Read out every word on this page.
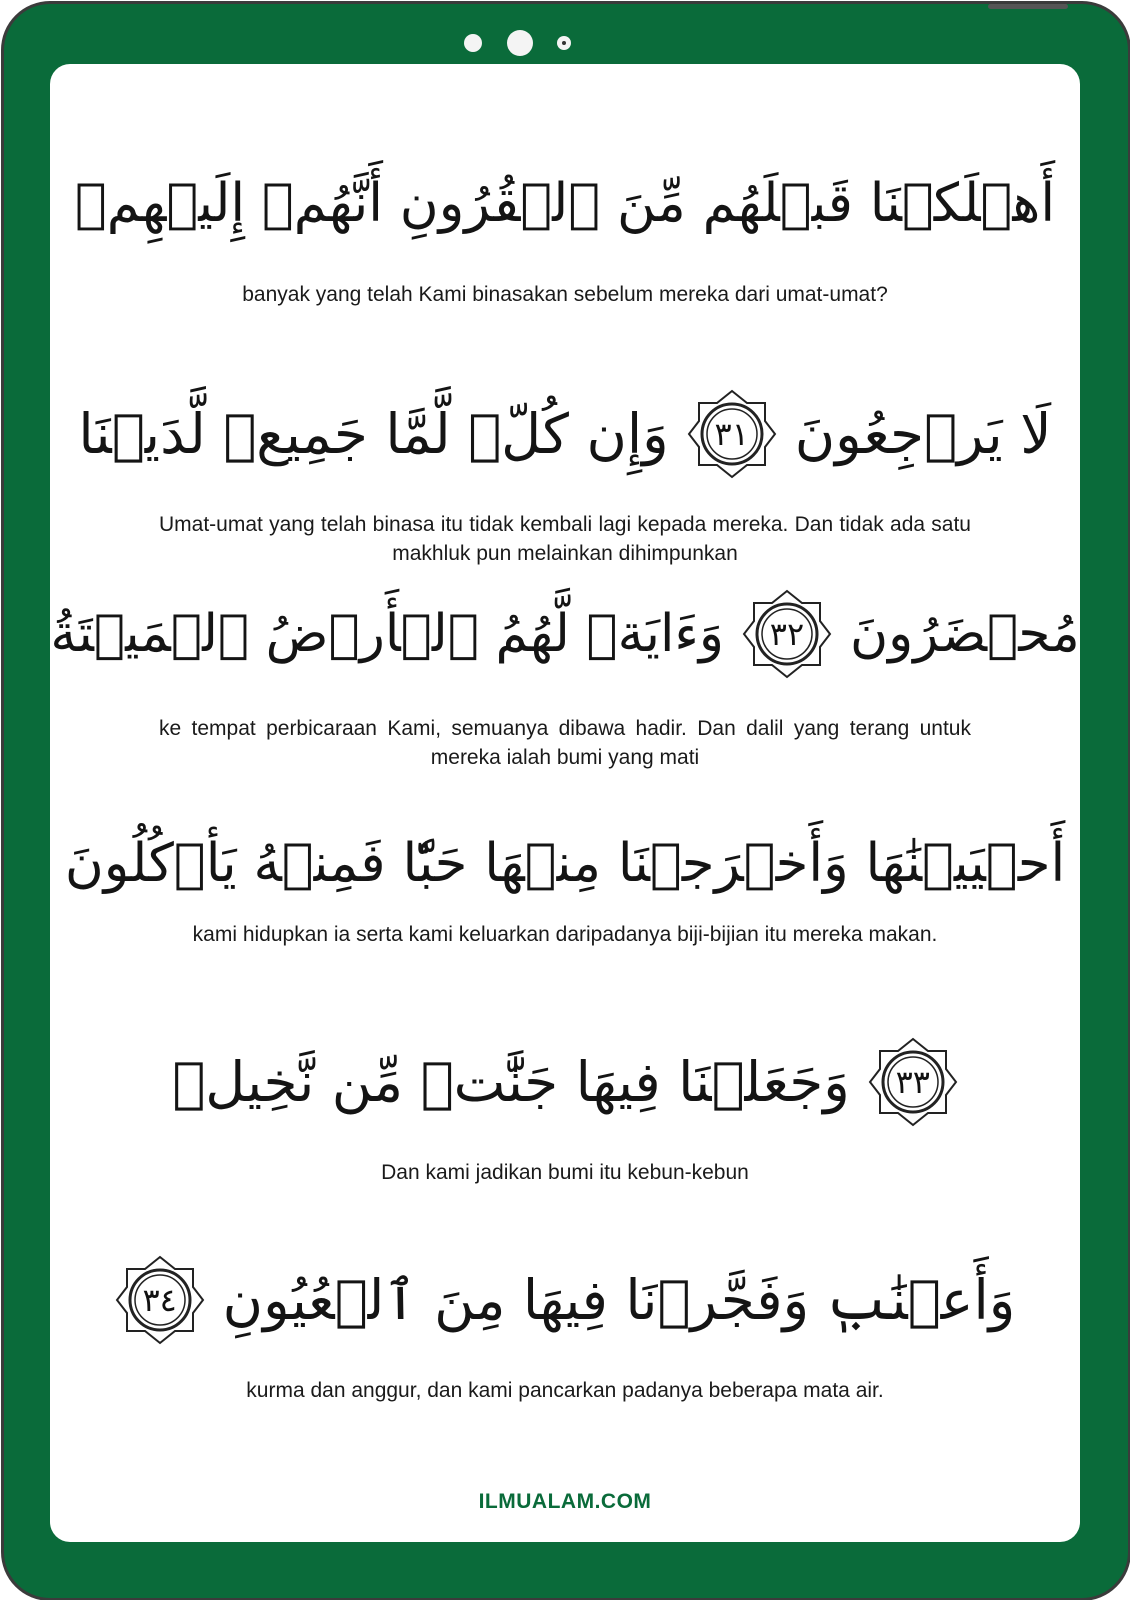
أَهۡلَكۡنَا قَبۡلَهُم مِّنَ ٱلۡقُرُونِ أَنَّهُمۡ إِلَيۡهِمۡ

banyak yang telah Kami binasakan sebelum mereka dari umat-umat?

لَا يَرۡجِعُونَ
٣١
وَإِن كُلّٞ لَّمَّا جَمِيعٞ لَّدَيۡنَا

Umat-umat yang telah binasa itu tidak kembali lagi kepada mereka. Dan tidak ada satu makhluk pun melainkan dihimpunkan

مُحۡضَرُونَ
٣٢
وَءَايَةٞ لَّهُمُ ٱلۡأَرۡضُ ٱلۡمَيۡتَةُ

ke tempat perbicaraan Kami, semuanya dibawa hadir. Dan dalil yang terang untuk mereka ialah bumi yang mati

أَحۡيَيۡنَٰهَا وَأَخۡرَجۡنَا مِنۡهَا حَبّٗا فَمِنۡهُ يَأۡكُلُونَ

kami hidupkan ia serta kami keluarkan daripadanya biji-bijian itu mereka makan.

٣٣
وَجَعَلۡنَا فِيهَا جَنَّٰتٖ مِّن نَّخِيلٖ

Dan kami jadikan bumi itu kebun-kebun

وَأَعۡنَٰبٖ وَفَجَّرۡنَا فِيهَا مِنَ ٱلۡعُيُونِ
٣٤

kurma dan anggur, dan kami pancarkan padanya beberapa mata air.

ILMUALAM.COM
